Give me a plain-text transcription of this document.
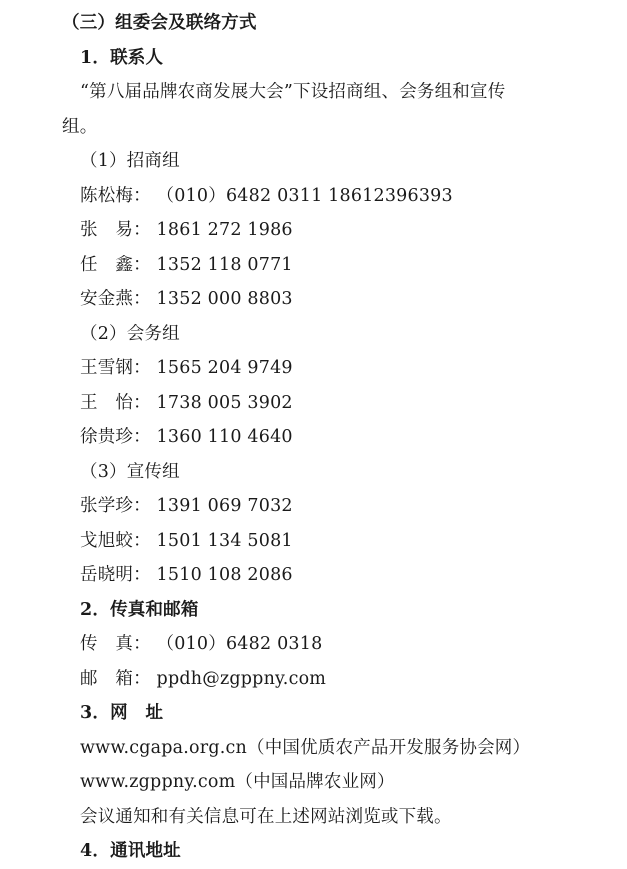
（三）组委会及联络方式
1．联系人
“第八届品牌农商发展大会”下设招商组、会务组和宣传
组。
（1）招商组
陈松梅： （010）6482 0311 18612396393
张　易： 1861 272 1986
任　鑫： 1352 118 0771
安金燕： 1352 000 8803
（2）会务组
王雪钢： 1565 204 9749
王　怡： 1738 005 3902
徐贵珍： 1360 110 4640
（3）宣传组
张学珍： 1391 069 7032
戈旭蛟： 1501 134 5081
岳晓明： 1510 108 2086
2．传真和邮箱
传　真： （010）6482 0318
邮　箱： ppdh@zgppny.com
3．网　址
www.cgapa.org.cn（中国优质农产品开发服务协会网）
www.zgppny.com（中国品牌农业网）
会议通知和有关信息可在上述网站浏览或下载。
4．通讯地址
